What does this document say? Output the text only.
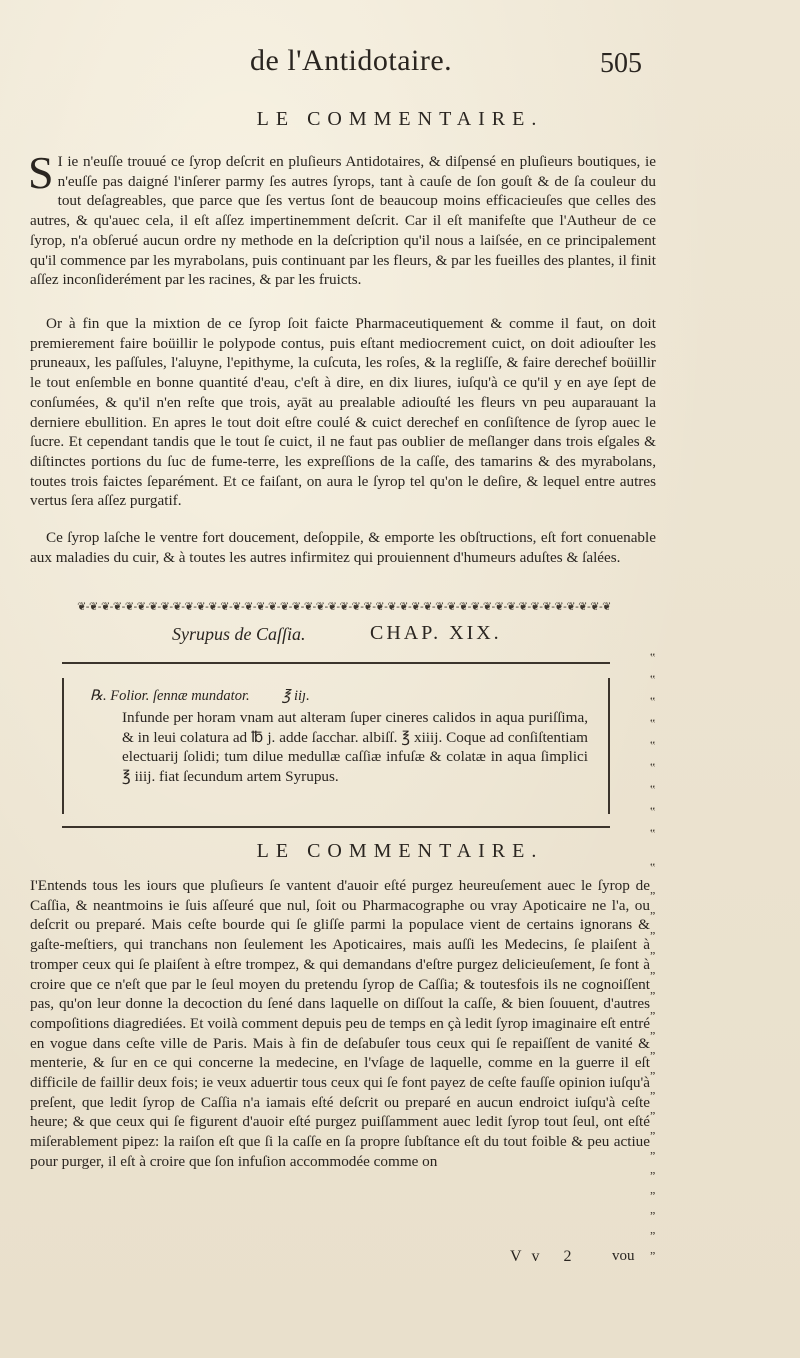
de l'Antidotaire.	505
LE COMMENTAIRE.

S I ie n'euſſe trouué ce ſyrop deſcrit en pluſieurs Antidotaires, & diſpensé en pluſieurs boutiques, ie n'euſſe pas daigné l'inſerer parmy ſes autres ſyrops, tant à cauſe de ſon gouſt & de ſa couleur du tout deſagreables, que parce que ſes vertus ſont de beaucoup moins efficacieuſes que celles des autres, & qu'auec cela, il eſt aſſez impertinemment deſcrit. Car il eſt manifeſte que l'Autheur de ce ſyrop, n'a obſerué aucun ordre ny methode en la deſcription qu'il nous a laiſsée, en ce principalement qu'il commence par les myrabolans, puis continuant par les fleurs, & par les fueilles des plantes, il finit aſſez inconſiderément par les racines, & par les fruicts.

Or à fin que la mixtion de ce ſyrop ſoit faicte Pharmaceutiquement & comme il faut, on doit premierement faire boüillir le polypode contus, puis eſtant mediocrement cuict, on doit adiouſter les pruneaux, les paſſules, l'aluyne, l'epithyme, la cuſcuta, les roſes, & la regliſſe, & faire derechef boüillir le tout enſemble en bonne quantité d'eau, c'eſt à dire, en dix liures, iuſqu'à ce qu'il y en aye ſept de conſumées, & qu'il n'en reſte que trois, ayāt au prealable adiouſté les fleurs vn peu auparauant la derniere ebullition. En apres le tout doit eſtre coulé & cuict derechef en conſiſtence de ſyrop auec le ſucre. Et cependant tandis que le tout ſe cuict, il ne faut pas oublier de meſlanger dans trois eſgales & diſtinctes portions du ſuc de fume-terre, les expreſſions de la caſſe, des tamarins & des myrabolans, toutes trois faictes ſeparément. Et ce faiſant, on aura le ſyrop tel qu'on le deſire, & lequel entre autres vertus ſera aſſez purgatif.

Ce ſyrop laſche le ventre fort doucement, deſoppile, & emporte les obſtructions, eſt fort conuenable aux maladies du cuir, & à toutes les autres infirmitez qui prouiennent d'humeurs aduſtes & ſalées.

❦-❦-❦-❦-❦-❦-❦-❦-❦-❦-❦-❦-❦-❦-❦-❦-❦-❦-❦-❦-❦-❦-❦-❦-❦-❦-❦-❦-❦-❦-❦-❦-❦-❦-❦-❦-❦-❦-❦-❦-❦-❦-❦-❦-❦
Syrupus de Caſſia.	CHAP. XIX.
℞. Folior. ſennæ mundator. ℥ iiȷ.

Infunde per horam vnam aut alteram ſuper cineres calidos in aqua puriſſima, & in leui colatura ad ℔ j. adde ſacchar. albiſſ. ℥ xiiij. Coque ad conſiſtentiam electuarij ſolidi; tum dilue medullæ caſſiæ infuſæ & colatæ in aqua ſimplici ℥ iiij. fiat ſecundum artem Syrupus.

‟
‟
‟
‟
‟
‟
‟
‟
‟
LE COMMENTAIRE.

I'Entends tous les iours que pluſieurs ſe vantent d'auoir eſté purgez heureuſement auec le ſyrop de Caſſia, & neantmoins ie ſuis aſſeuré que nul, ſoit ou Pharmacographe ou vray Apoticaire ne l'a, ou deſcrit ou preparé. Mais ceſte bourde qui ſe gliſſe parmi la populace vient de certains ignorans & gaſte-meſtiers, qui tranchans non ſeulement les Apoticaires, mais auſſi les Medecins, ſe plaiſent à tromper ceux qui ſe plaiſent à eſtre trompez, & qui demandans d'eſtre purgez delicieuſement, ſe font à croire que ce n'eſt que par le ſeul moyen du pretendu ſyrop de Caſſia; & toutesfois ils ne cognoiſſent pas, qu'on leur donne la decoction du ſené dans laquelle on diſſout la caſſe, & bien ſouuent, d'autres compoſitions diagrediées. Et voilà comment depuis peu de temps en çà ledit ſyrop imaginaire eſt entré en vogue dans ceſte ville de Paris. Mais à fin de deſabuſer tous ceux qui ſe repaiſſent de vanité & menterie, & ſur en ce qui concerne la medecine, en l'vſage de laquelle, comme en la guerre il eſt difficile de faillir deux fois; ie veux aduertir tous ceux qui ſe font payez de ceſte fauſſe opinion iuſqu'à preſent, que ledit ſyrop de Caſſia n'a iamais eſté deſcrit ou preparé en aucun endroict iuſqu'à ceſte heure; & que ceux qui ſe figurent d'auoir eſté purgez puiſſamment auec ledit ſyrop tout ſeul, ont eſté miſerablement pipez: la raiſon eſt que ſi la caſſe en ſa propre ſubſtance eſt du tout foible & peu actiue pour purger, il eſt à croire que ſon infuſion accommodée comme on

‟
„
„
„
„
„
„
„
„
„
„
„
„
„
„
„
„
„
„
„
Vv 2 vou
